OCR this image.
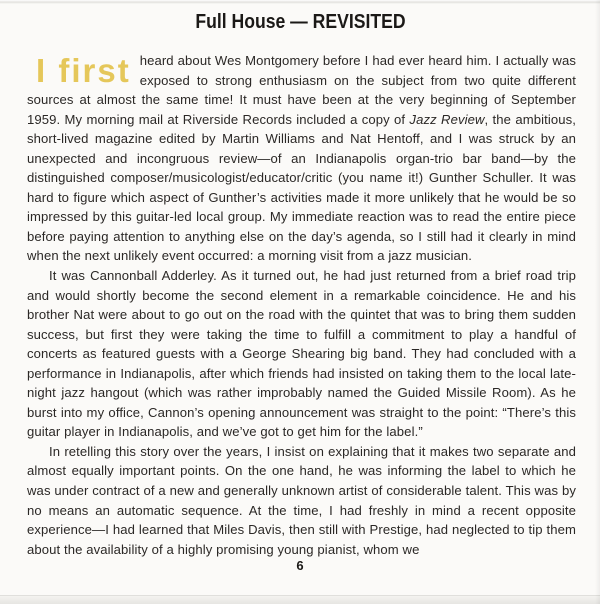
Full House — REVISITED

I first heard about Wes Montgomery before I had ever heard him. I actually was exposed to strong enthusiasm on the subject from two quite different sources at almost the same time! It must have been at the very beginning of September 1959. My morning mail at Riverside Records included a copy of Jazz Review, the ambitious, short-lived magazine edited by Martin Williams and Nat Hentoff, and I was struck by an unexpected and incongruous review—of an Indianapolis organ-trio bar band—by the distinguished composer/musicologist/educator/critic (you name it!) Gunther Schuller. It was hard to figure which aspect of Gunther’s activities made it more unlikely that he would be so impressed by this guitar-led local group. My immediate reaction was to read the entire piece before paying attention to anything else on the day’s agenda, so I still had it clearly in mind when the next unlikely event occurred: a morning visit from a jazz musician.

It was Cannonball Adderley. As it turned out, he had just returned from a brief road trip and would shortly become the second element in a remarkable coincidence. He and his brother Nat were about to go out on the road with the quintet that was to bring them sudden success, but first they were taking the time to fulfill a commitment to play a handful of concerts as featured guests with a George Shearing big band. They had concluded with a performance in Indianapolis, after which friends had insisted on taking them to the local late-night jazz hangout (which was rather improbably named the Guided Missile Room). As he burst into my office, Cannon’s opening announcement was straight to the point: “There’s this guitar player in Indianapolis, and we’ve got to get him for the label.”

In retelling this story over the years, I insist on explaining that it makes two separate and almost equally important points. On the one hand, he was informing the label to which he was under contract of a new and generally unknown artist of considerable talent. This was by no means an automatic sequence. At the time, I had freshly in mind a recent opposite experience—I had learned that Miles Davis, then still with Prestige, had neglected to tip them about the availability of a highly promising young pianist, whom we

6
